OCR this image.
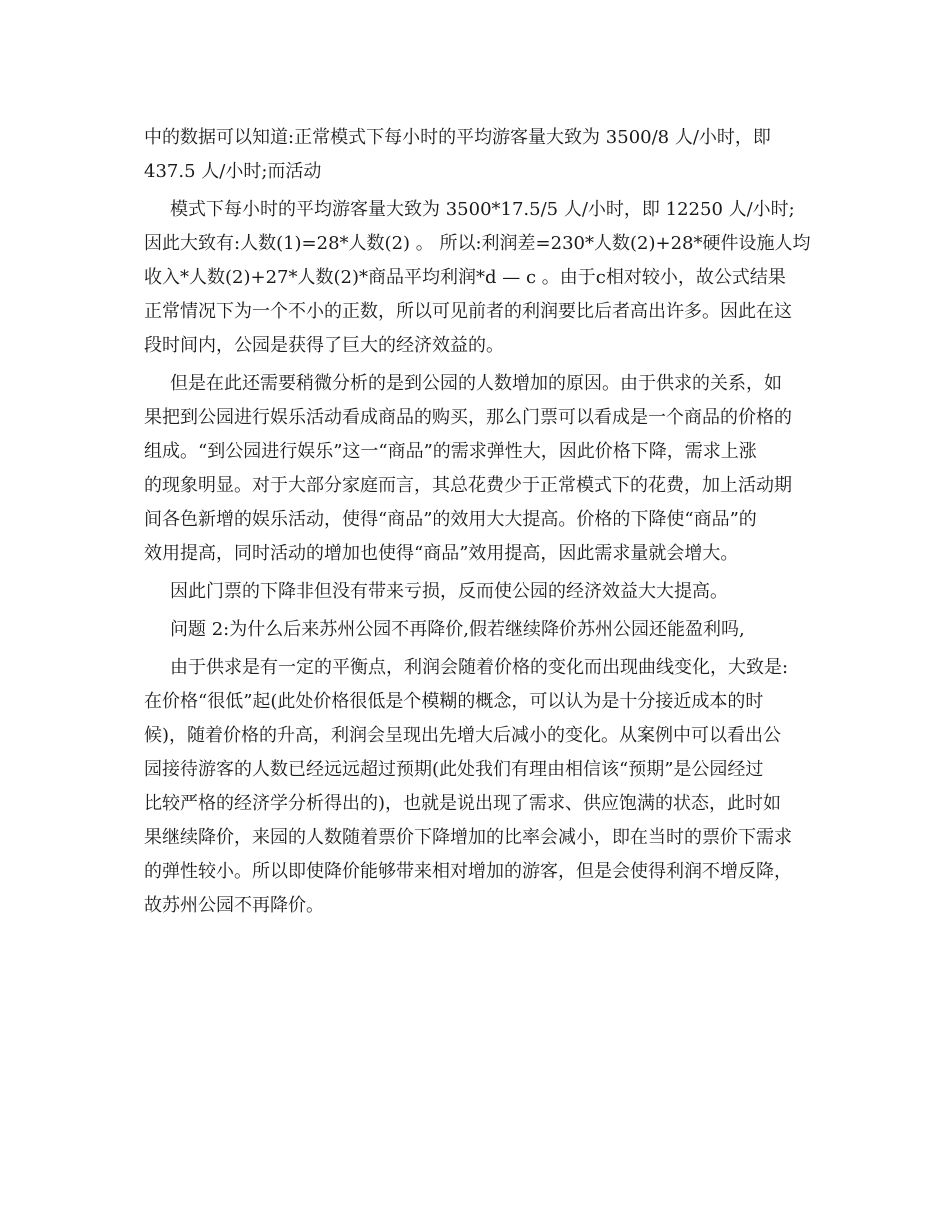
中的数据可以知道:正常模式下每小时的平均游客量大致为 3500/8 人/小时，即
437.5 人/小时;而活动
模式下每小时的平均游客量大致为 3500*17.5/5 人/小时，即 12250 人/小时;
因此大致有:人数(1)=28*人数(2) 。 所以:利润差=230*人数(2)+28*硬件设施人均
收入*人数(2)+27*人数(2)*商品平均利润*d — c 。由于c相对较小，故公式结果
正常情况下为一个不小的正数，所以可见前者的利润要比后者高出许多。因此在这
段时间内，公园是获得了巨大的经济效益的。
但是在此还需要稍微分析的是到公园的人数增加的原因。由于供求的关系，如
果把到公园进行娱乐活动看成商品的购买，那么门票可以看成是一个商品的价格的
组成。“到公园进行娱乐”这一“商品”的需求弹性大，因此价格下降，需求上涨
的现象明显。对于大部分家庭而言，其总花费少于正常模式下的花费，加上活动期
间各色新增的娱乐活动，使得“商品”的效用大大提高。价格的下降使“商品”的
效用提高，同时活动的增加也使得“商品”效用提高，因此需求量就会增大。
因此门票的下降非但没有带来亏损，反而使公园的经济效益大大提高。
问题 2:为什么后来苏州公园不再降价,假若继续降价苏州公园还能盈利吗,
由于供求是有一定的平衡点，利润会随着价格的变化而出现曲线变化，大致是:
在价格“很低”起(此处价格很低是个模糊的概念，可以认为是十分接近成本的时
候)，随着价格的升高，利润会呈现出先增大后减小的变化。从案例中可以看出公
园接待游客的人数已经远远超过预期(此处我们有理由相信该“预期”是公园经过
比较严格的经济学分析得出的)，也就是说出现了需求、供应饱满的状态，此时如
果继续降价，来园的人数随着票价下降增加的比率会减小，即在当时的票价下需求
的弹性较小。所以即使降价能够带来相对增加的游客，但是会使得利润不增反降，
故苏州公园不再降价。
